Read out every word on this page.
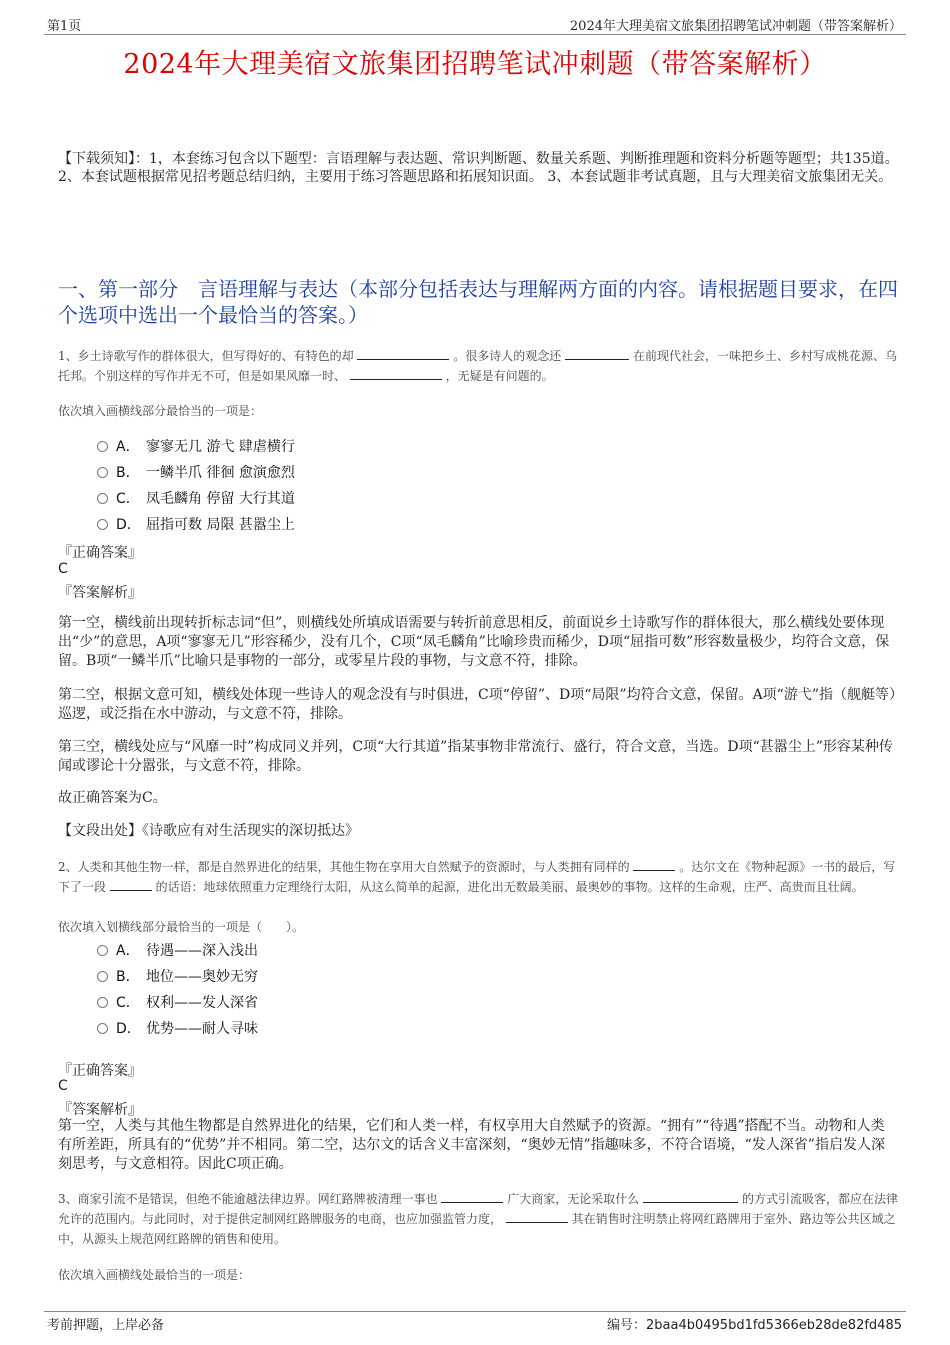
第1页	2024年大理美宿文旅集团招聘笔试冲刺题（带答案解析）
2024年大理美宿文旅集团招聘笔试冲刺题（带答案解析）
【下载须知】：1，本套练习包含以下题型：言语理解与表达题、常识判断题、数量关系题、判断推理题和资料分析题等题型；共135道。 2、本套试题根据常见招考题总结归纳，主要用于练习答题思路和拓展知识面。 3、本套试题非考试真题，且与大理美宿文旅集团无关。
一、第一部分　言语理解与表达（本部分包括表达与理解两方面的内容。请根据题目要求，在四个选项中选出一个最恰当的答案。）
1、乡土诗歌写作的群体很大，但写得好的、有特色的却	。很多诗人的观念还	在前现代社会，一味把乡土、乡村写成桃花源、乌托邦。个别这样的写作并无不可，但是如果风靡一时、	，无疑是有问题的。
依次填入画横线部分最恰当的一项是：
A． 寥寥无几 游弋 肆虐横行
B． 一鳞半爪 徘徊 愈演愈烈
C． 凤毛麟角 停留 大行其道
D． 屈指可数 局限 甚嚣尘上
『正确答案』
C
『答案解析』
第一空，横线前出现转折标志词“但”，则横线处所填成语需要与转折前意思相反，前面说乡土诗歌写作的群体很大，那么横线处要体现出“少”的意思，A项“寥寥无几”形容稀少，没有几个，C项“凤毛麟角”比喻珍贵而稀少，D项“屈指可数”形容数量极少，均符合文意，保留。B项“一鳞半爪”比喻只是事物的一部分，或零星片段的事物，与文意不符，排除。
第二空，根据文意可知，横线处体现一些诗人的观念没有与时俱进，C项“停留”、D项“局限”均符合文意，保留。A项“游弋”指（舰艇等）巡逻，或泛指在水中游动，与文意不符，排除。
第三空，横线处应与“风靡一时”构成同义并列，C项“大行其道”指某事物非常流行、盛行，符合文意，当选。D项“甚嚣尘上”形容某种传闻或谬论十分嚣张，与文意不符，排除。
故正确答案为C。
【文段出处】《诗歌应有对生活现实的深切抵达》
2、人类和其他生物一样，都是自然界进化的结果，其他生物在享用大自然赋予的资源时，与人类拥有同样的	。达尔文在《物种起源》一书的最后，写下了一段	的话语：地球依照重力定理绕行太阳，从这么简单的起源，进化出无数最美丽、最奥妙的事物。这样的生命观，庄严、高贵而且壮阔。
依次填入划横线部分最恰当的一项是（　　）。
A． 待遇——深入浅出
B． 地位——奥妙无穷
C． 权利——发人深省
D． 优势——耐人寻味
『正确答案』
C
『答案解析』
第一空，人类与其他生物都是自然界进化的结果，它们和人类一样，有权享用大自然赋予的资源。“拥有”“待遇”搭配不当。动物和人类有所差距，所具有的“优势”并不相同。第二空，达尔文的话含义丰富深刻，“奥妙无情”指趣味多，不符合语境，“发人深省”指启发人深刻思考，与文意相符。因此C项正确。
3、商家引流不是错误，但绝不能逾越法律边界。网红路牌被清理一事也	广大商家，无论采取什么	的方式引流吸客，都应在法律允许的范围内。与此同时，对于提供定制网红路牌服务的电商，也应加强监管力度，	其在销售时注明禁止将网红路牌用于室外、路边等公共区域之中，从源头上规范网红路牌的销售和使用。
依次填入画横线处最恰当的一项是：
考前押题，上岸必备	编号：2baa4b0495bd1fd5366eb28de82fd485
